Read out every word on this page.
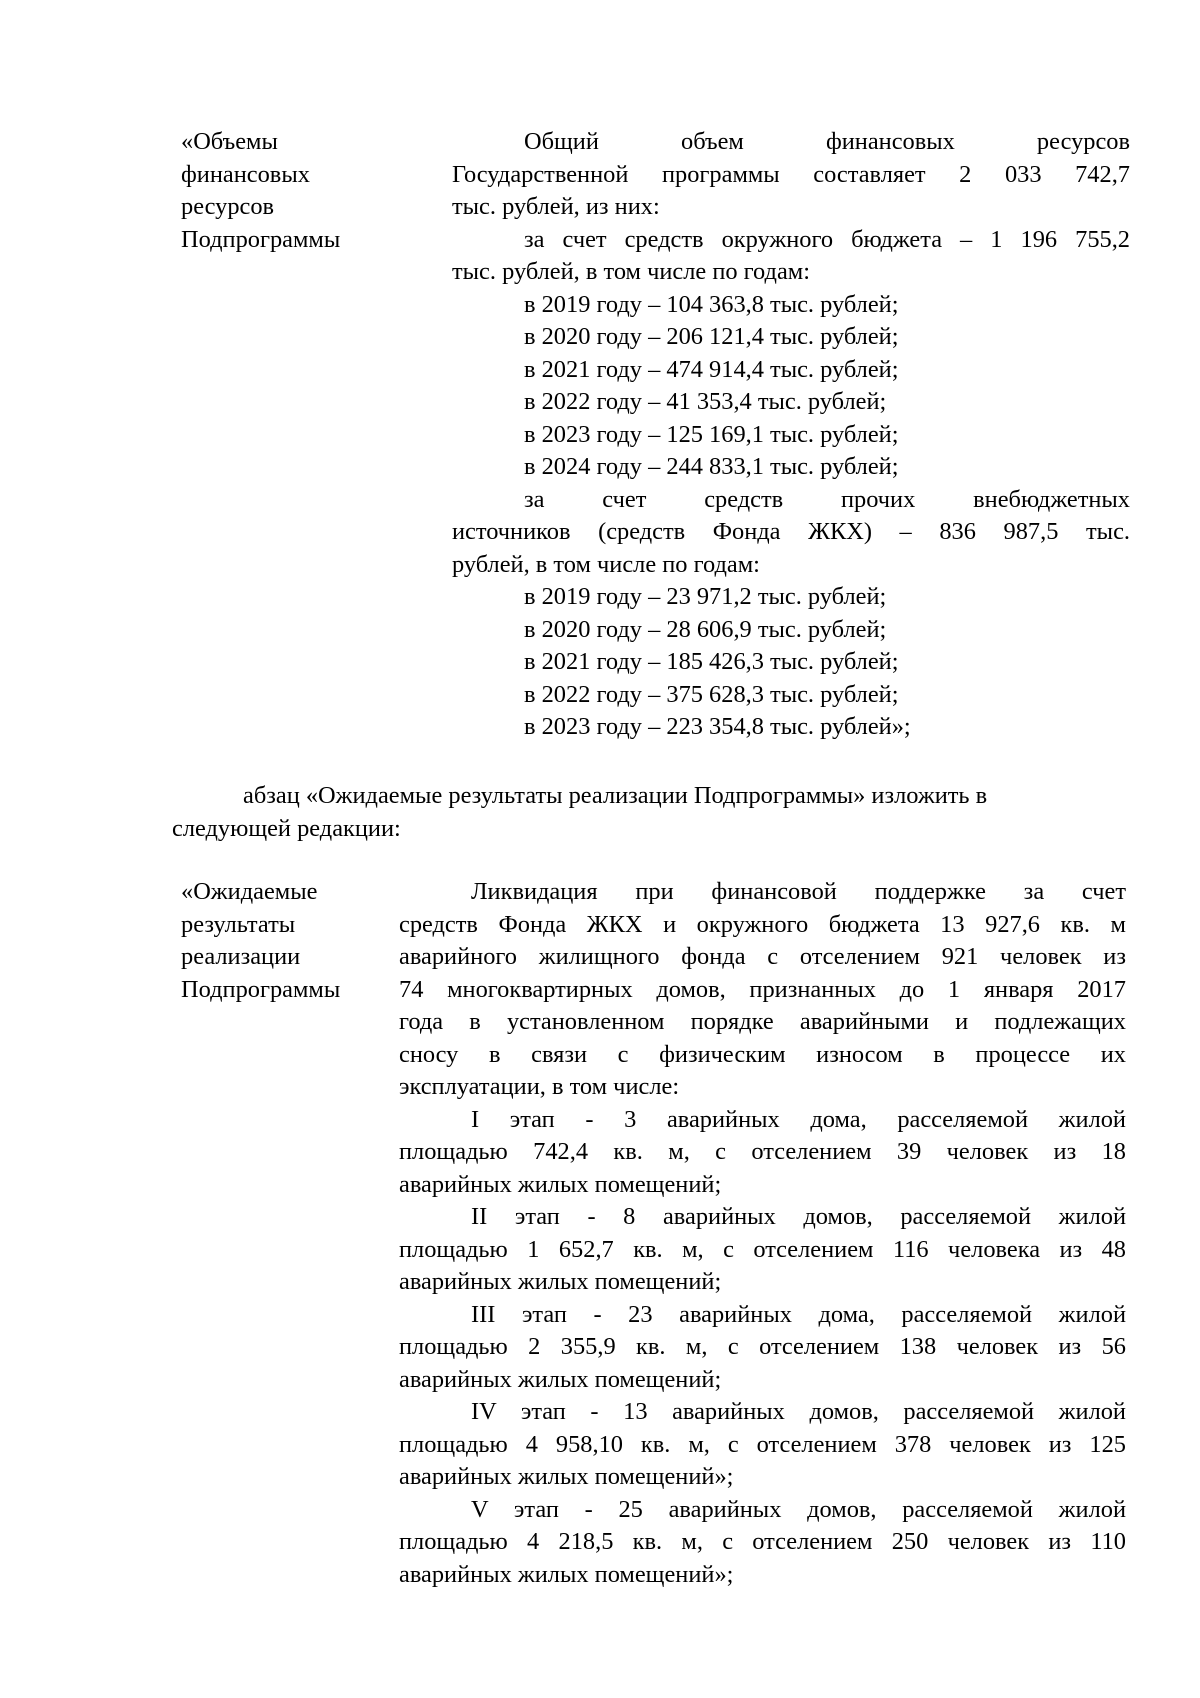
«Объемы
финансовых
ресурсов
Подпрограммы
Общий объем финансовых ресурсов
Государственной программы составляет 2 033 742,7
тыс. рублей, из них:
за счет средств окружного бюджета – 1 196 755,2
тыс. рублей, в том числе по годам:
в 2019 году – 104 363,8 тыс. рублей;
в 2020 году – 206 121,4 тыс. рублей;
в 2021 году – 474 914,4 тыс. рублей;
в 2022 году – 41 353,4 тыс. рублей;
в 2023 году – 125 169,1 тыс. рублей;
в 2024 году – 244 833,1 тыс. рублей;
за счет средств прочих внебюджетных
источников (средств Фонда ЖКХ) – 836 987,5 тыс.
рублей, в том числе по годам:
в 2019 году – 23 971,2 тыс. рублей;
в 2020 году – 28 606,9 тыс. рублей;
в 2021 году – 185 426,3 тыс. рублей;
в 2022 году – 375 628,3 тыс. рублей;
в 2023 году – 223 354,8 тыс. рублей»;
абзац «Ожидаемые результаты реализации Подпрограммы» изложить в
следующей редакции:
«Ожидаемые
результаты
реализации
Подпрограммы
Ликвидация при финансовой поддержке за счет
средств Фонда ЖКХ и окружного бюджета 13 927,6 кв. м
аварийного жилищного фонда с отселением 921 человек из
74 многоквартирных домов, признанных до 1 января 2017
года в установленном порядке аварийными и подлежащих
сносу в связи с физическим износом в процессе их
эксплуатации, в том числе:
I этап - 3 аварийных дома, расселяемой жилой
площадью 742,4 кв. м, с отселением 39 человек из 18
аварийных жилых помещений;
II этап - 8 аварийных домов, расселяемой жилой
площадью 1 652,7 кв. м, с отселением 116 человека из 48
аварийных жилых помещений;
III этап - 23 аварийных дома, расселяемой жилой
площадью 2 355,9 кв. м, с отселением 138 человек из 56
аварийных жилых помещений;
IV этап - 13 аварийных домов, расселяемой жилой
площадью 4 958,10 кв. м, с отселением 378 человек из 125
аварийных жилых помещений»;
V этап - 25 аварийных домов, расселяемой жилой
площадью 4 218,5 кв. м, с отселением 250 человек из 110
аварийных жилых помещений»;
